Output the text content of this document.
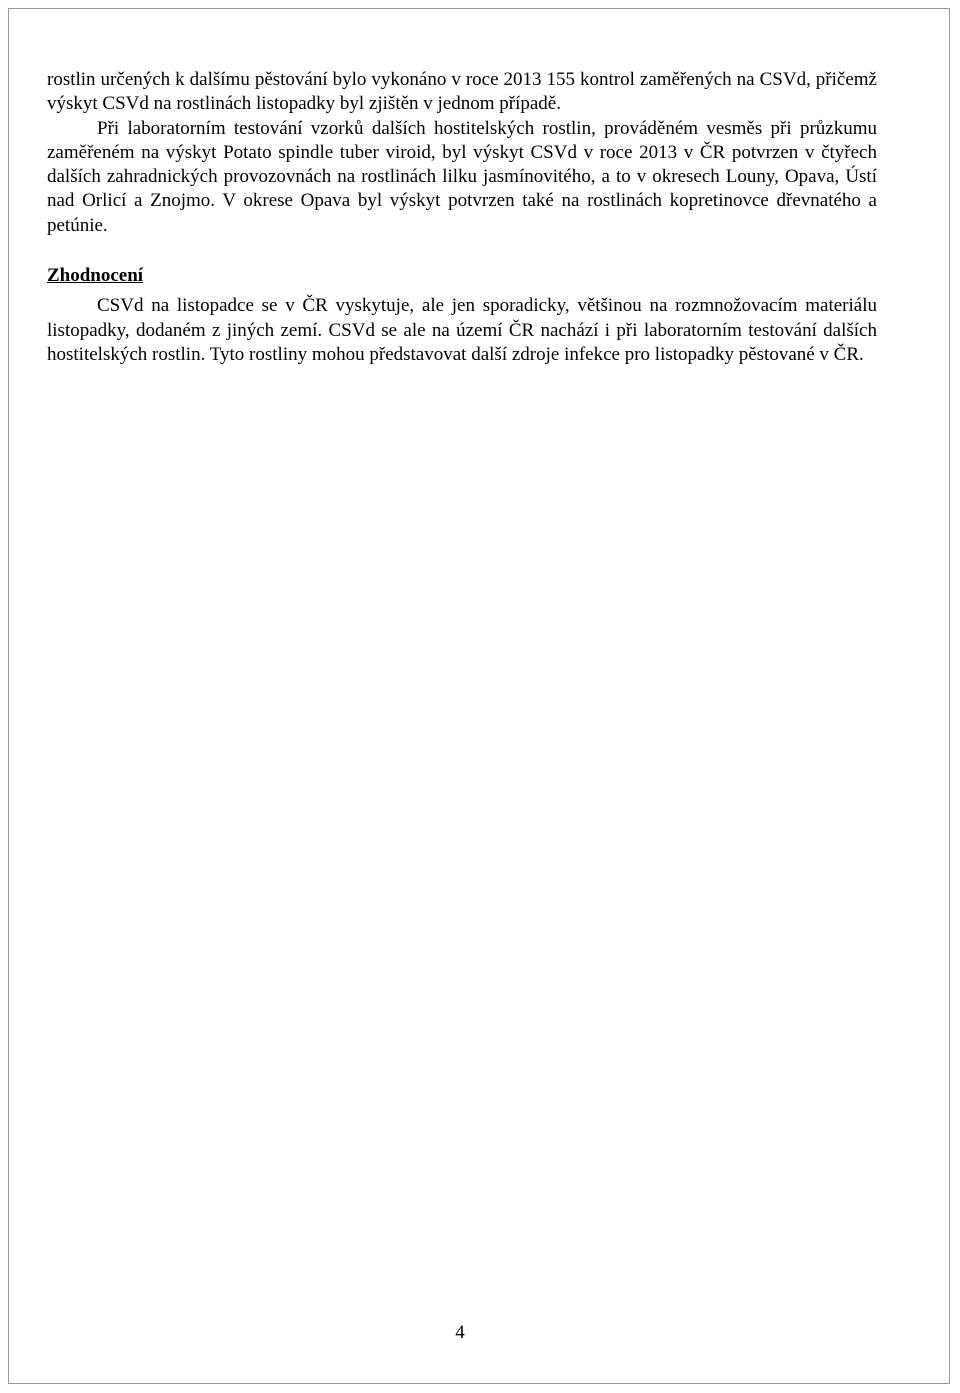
rostlin určených k dalšímu pěstování bylo vykonáno v roce 2013 155 kontrol zaměřených na CSVd, přičemž výskyt CSVd na rostlinách listopadky byl zjištěn v jednom případě.

Při laboratorním testování vzorků dalších hostitelských rostlin, prováděném vesměs při průzkumu zaměřeném na výskyt Potato spindle tuber viroid, byl výskyt CSVd v roce 2013 v ČR potvrzen v čtyřech dalších zahradnických provozovnách na rostlinách lilku jasmínovitého, a to v okresech Louny, Opava, Ústí nad Orlicí a Znojmo. V okrese Opava byl výskyt potvrzen také na rostlinách kopretinovce dřevnatého a petúnie.

Zhodnocení

CSVd na listopadce se v ČR vyskytuje, ale jen sporadicky, většinou na rozmnožovacím materiálu listopadky, dodaném z jiných zemí. CSVd se ale na území ČR nachází i při laboratorním testování dalších hostitelských rostlin. Tyto rostliny mohou představovat další zdroje infekce pro listopadky pěstované v ČR.

4
